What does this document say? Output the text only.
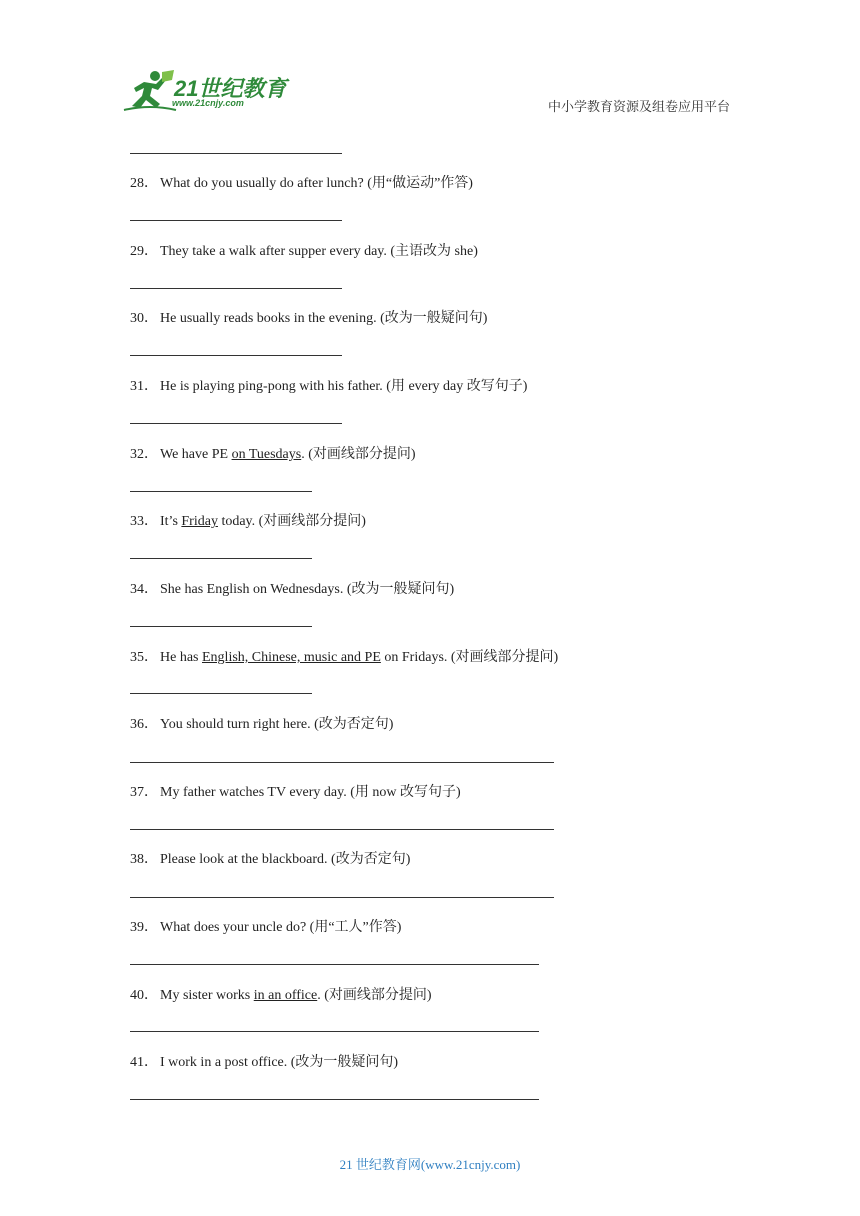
21世纪教育
www.21cnjy.com	中小学教育资源及组卷应用平台
28． What do you usually do after lunch? (用“做运动”作答)
29． They take a walk after supper every day. (主语改为 she)
30． He usually reads books in the evening. (改为一般疑问句)
31． He is playing ping-pong with his father. (用 every day 改写句子)
32． We have PE on Tuesdays. (对画线部分提问)
33． It’s Friday today. (对画线部分提问)
34． She has English on Wednesdays. (改为一般疑问句)
35． He has English, Chinese, music and PE on Fridays. (对画线部分提问)
36． You should turn right here. (改为否定句)
37． My father watches TV every day. (用 now 改写句子)
38． Please look at the blackboard. (改为否定句)
39． What does your uncle do? (用“工人”作答)
40． My sister works in an office. (对画线部分提问)
41． I work in a post office. (改为一般疑问句)
21 世纪教育网(www.21cnjy.com)
